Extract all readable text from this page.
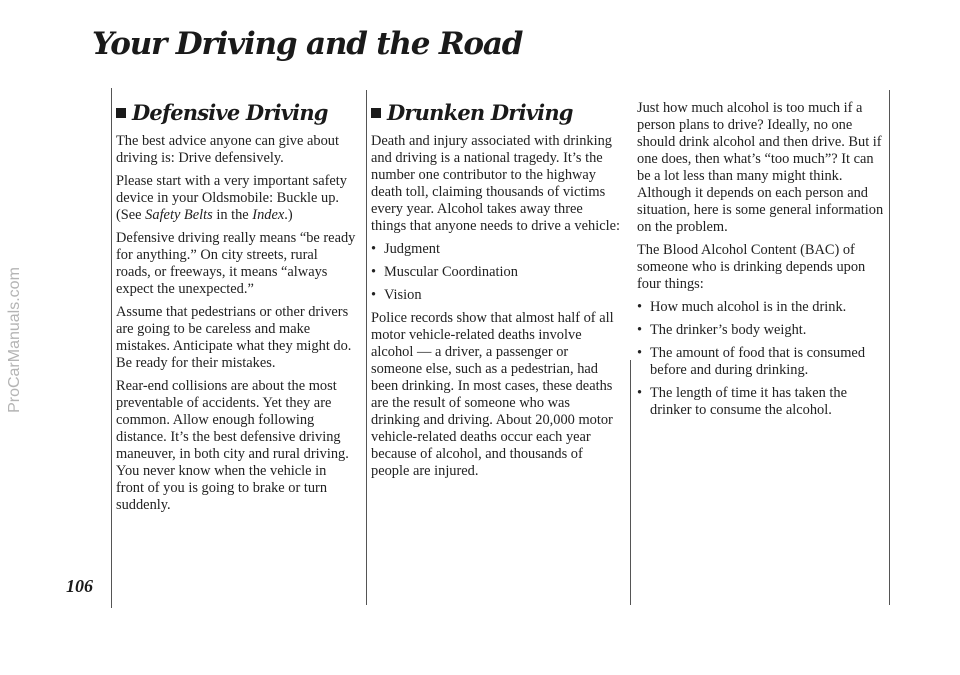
Your Driving and the Road
ProCarManuals.com
106
Defensive Driving

The best advice anyone can give about driving is: Drive defensively.

Please start with a very important safety device in your Oldsmobile: Buckle up. (See Safety Belts in the Index.)

Defensive driving really means “be ready for anything.” On city streets, rural roads, or freeways, it means “always expect the unexpected.”

Assume that pedestrians or other drivers are going to be careless and make mistakes. Anticipate what they might do. Be ready for their mistakes.

Rear-end collisions are about the most preventable of accidents. Yet they are common. Allow enough following distance. It’s the best defensive driving maneuver, in both city and rural driving. You never know when the vehicle in front of you is going to brake or turn suddenly.

Drunken Driving

Death and injury associated with drinking and driving is a national tragedy. It’s the number one contributor to the highway death toll, claiming thousands of victims every year. Alcohol takes away three things that anyone needs to drive a vehicle:

• Judgment
• Muscular Coordination
• Vision

Police records show that almost half of all motor vehicle-related deaths involve alcohol — a driver, a passenger or someone else, such as a pedestrian, had been drinking. In most cases, these deaths are the result of someone who was drinking and driving. About 20,000 motor vehicle-related deaths occur each year because of alcohol, and thousands of people are injured.

Just how much alcohol is too much if a person plans to drive? Ideally, no one should drink alcohol and then drive. But if one does, then what’s “too much”? It can be a lot less than many might think. Although it depends on each person and situation, here is some general information on the problem.

The Blood Alcohol Content (BAC) of someone who is drinking depends upon four things:

• How much alcohol is in the drink.
• The drinker’s body weight.
• The amount of food that is consumed before and during drinking.
• The length of time it has taken the drinker to consume the alcohol.
